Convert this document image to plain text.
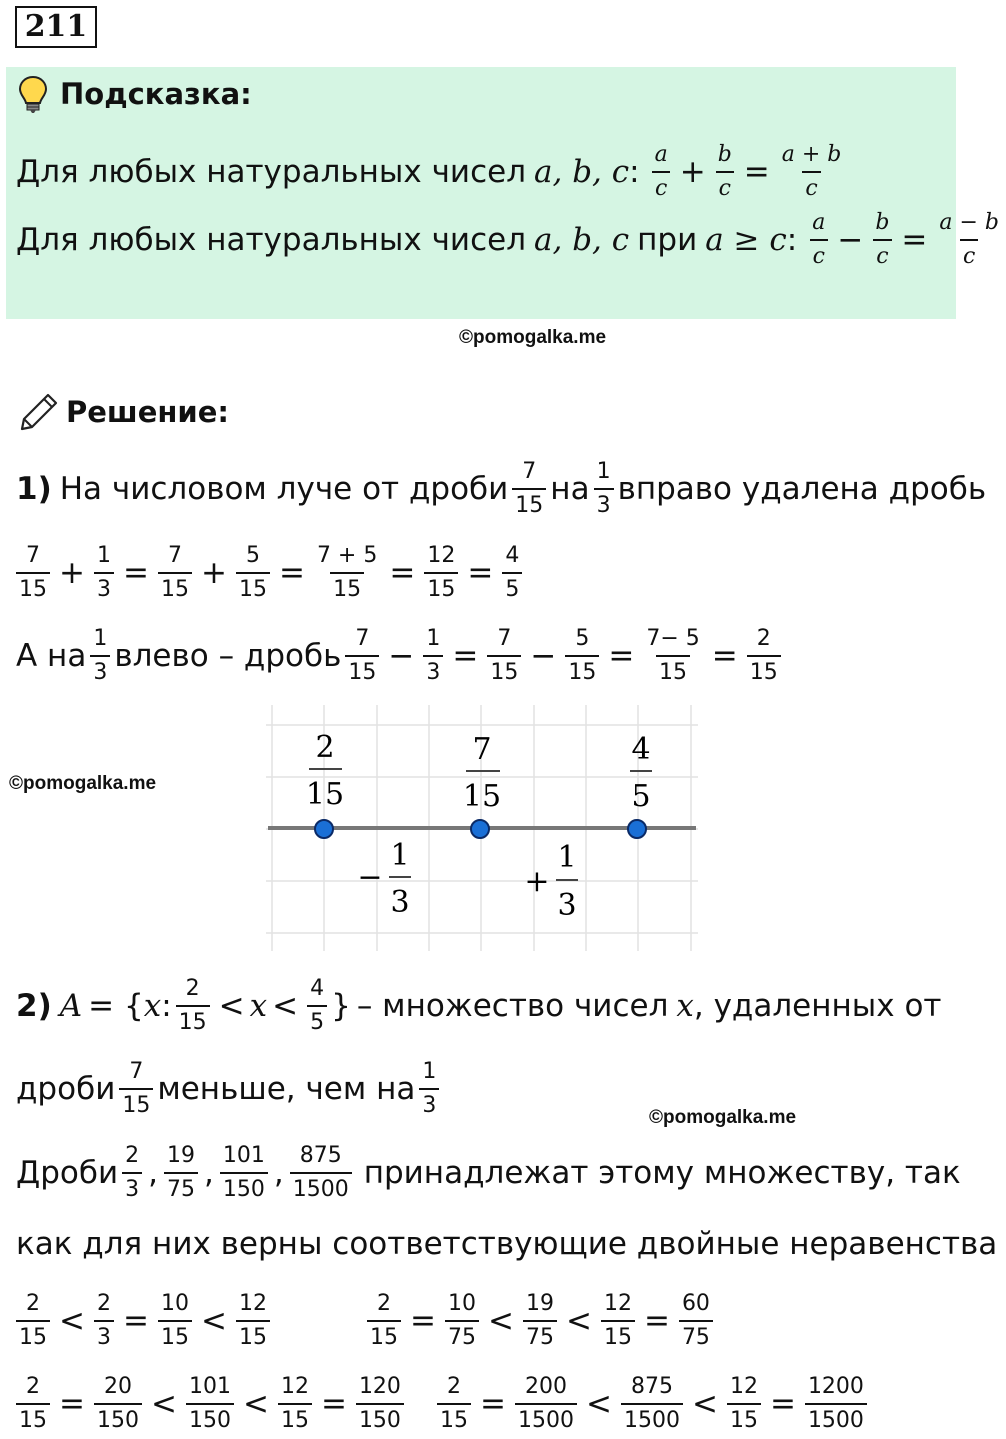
211
Подсказка:
Для любых натуральных чисел a, b, c : $\frac{a}{c} + \frac{b}{c} = \frac{a + b}{c}$
Для любых натуральных чисел a, b, c при a ≥ c : $\frac{a}{c} - \frac{b}{c} = \frac{a - b}{c}$
©pomogalka.me
Решение:
1) На числовом луче от дроби $\frac{7}{15}$ на $\frac{1}{3}$ вправо удалена дробь
$\frac{7}{15} + \frac{1}{3} = \frac{7}{15} + \frac{5}{15} = \frac{7 + 5}{15} = \frac{12}{15} = \frac{4}{5}$
А на $\frac{1}{3}$ влево – дробь $\frac{7}{15} - \frac{1}{3} = \frac{7}{15} - \frac{5}{15} = \frac{7- 5}{15} = \frac{2}{15}$
©pomogalka.me
2
15
7
15
4
5
−
1
3
+
1
3
2) A = { x : $\frac{2}{15} < x < \frac{4}{5}$ } – множество чисел x , удаленных от
дроби $\frac{7}{15}$ меньше, чем на $\frac{1}{3}$
©pomogalka.me
Дроби $\frac{2}{3}$ , $\frac{19}{75}$ , $\frac{101}{150}$ , $\frac{875}{1500}$ принадлежат этому множеству, так
как для них верны соответствующие двойные неравенства
$\frac{2}{15} < \frac{2}{3} = \frac{10}{15} < \frac{12}{15}$	$\frac{2}{15} = \frac{10}{75} < \frac{19}{75} < \frac{12}{15} = \frac{60}{75}$
$\frac{2}{15} = \frac{20}{150} < \frac{101}{150} < \frac{12}{15} = \frac{120}{150} \frac{2}{15} = \frac{200}{1500} < \frac{875}{1500} < \frac{12}{15} = \frac{1200}{1500}$
